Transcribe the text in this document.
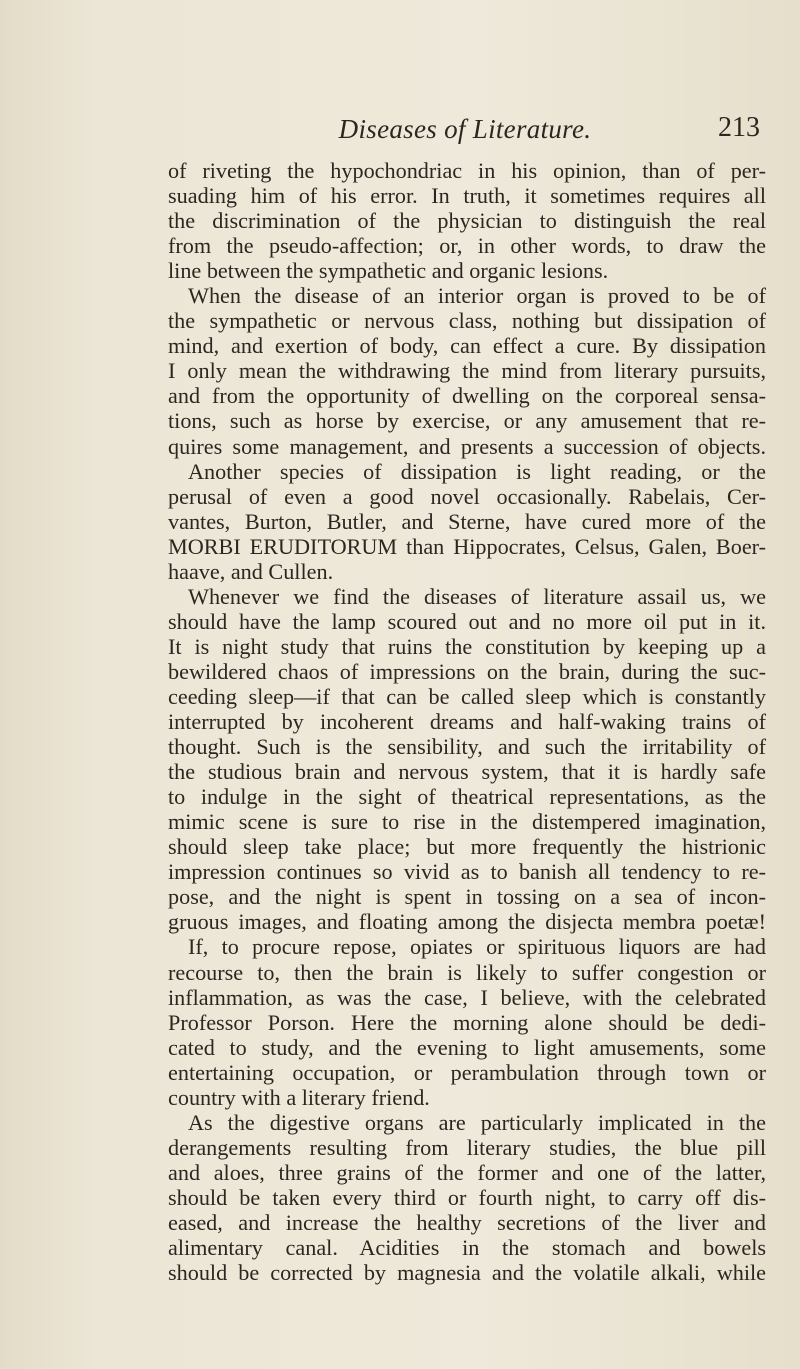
Diseases of Literature.	213
of riveting the hypochondriac in his opinion, than of per-
suading him of his error. In truth, it sometimes requires all
the discrimination of the physician to distinguish the real
from the pseudo-affection; or, in other words, to draw the
line between the sympathetic and organic lesions.
When the disease of an interior organ is proved to be of
the sympathetic or nervous class, nothing but dissipation of
mind, and exertion of body, can effect a cure. By dissipation
I only mean the withdrawing the mind from literary pursuits,
and from the opportunity of dwelling on the corporeal sensa-
tions, such as horse by exercise, or any amusement that re-
quires some management, and presents a succession of objects.
Another species of dissipation is light reading, or the
perusal of even a good novel occasionally. Rabelais, Cer-
vantes, Burton, Butler, and Sterne, have cured more of the
MORBI ERUDITORUM than Hippocrates, Celsus, Galen, Boer-
haave, and Cullen.
Whenever we find the diseases of literature assail us, we
should have the lamp scoured out and no more oil put in it.
It is night study that ruins the constitution by keeping up a
bewildered chaos of impressions on the brain, during the suc-
ceeding sleep—if that can be called sleep which is constantly
interrupted by incoherent dreams and half-waking trains of
thought. Such is the sensibility, and such the irritability of
the studious brain and nervous system, that it is hardly safe
to indulge in the sight of theatrical representations, as the
mimic scene is sure to rise in the distempered imagination,
should sleep take place; but more frequently the histrionic
impression continues so vivid as to banish all tendency to re-
pose, and the night is spent in tossing on a sea of incon-
gruous images, and floating among the disjecta membra poetæ!
If, to procure repose, opiates or spirituous liquors are had
recourse to, then the brain is likely to suffer congestion or
inflammation, as was the case, I believe, with the celebrated
Professor Porson. Here the morning alone should be dedi-
cated to study, and the evening to light amusements, some
entertaining occupation, or perambulation through town or
country with a literary friend.
As the digestive organs are particularly implicated in the
derangements resulting from literary studies, the blue pill
and aloes, three grains of the former and one of the latter,
should be taken every third or fourth night, to carry off dis-
eased, and increase the healthy secretions of the liver and
alimentary canal. Acidities in the stomach and bowels
should be corrected by magnesia and the volatile alkali, while
